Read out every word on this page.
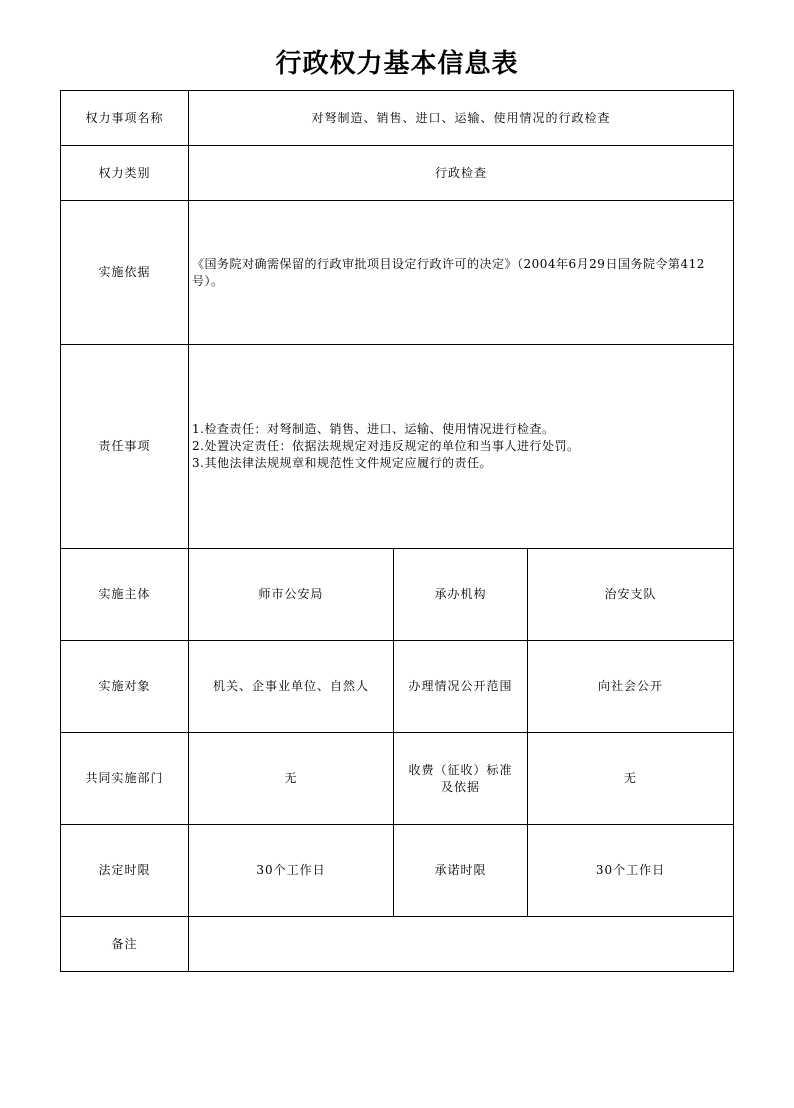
行政权力基本信息表
权力事项名称	对弩制造、销售、进口、运输、使用情况的行政检查		
权力类别	行政检查		
实施依据	《国务院对确需保留的行政审批项目设定行政许可的决定》（2004年6月29日国务院令第412号）。		
责任事项	1.检查责任：对弩制造、销售、进口、运输、使用情况进行检查。
2.处置决定责任：依据法规规定对违反规定的单位和当事人进行处罚。
3.其他法律法规规章和规范性文件规定应履行的责任。		

实施主体	师市公安局	承办机构	治安支队
实施对象	机关、企事业单位、自然人	办理情况公开范围	向社会公开
共同实施部门	无	收费（征收）标准及依据	无
法定时限	30个工作日	承诺时限	30个工作日
备注			
